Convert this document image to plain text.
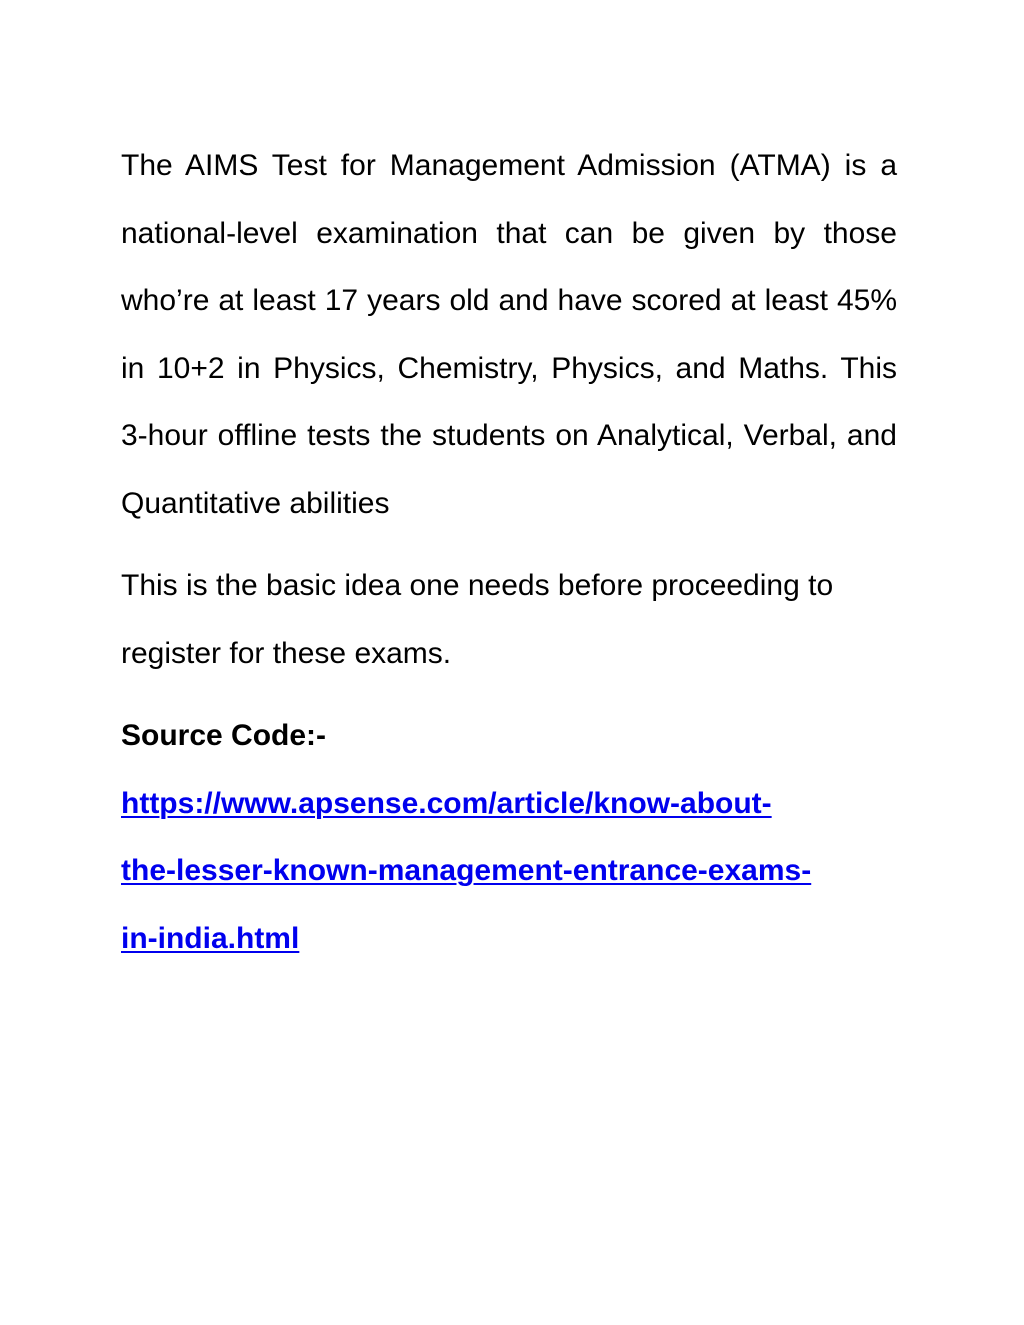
The AIMS Test for Management Admission (ATMA) is a national-level examination that can be given by those who’re at least 17 years old and have scored at least 45% in 10+2 in Physics, Chemistry, Physics, and Maths. This 3-hour offline tests the students on Analytical, Verbal, and Quantitative abilities

This is the basic idea one needs before proceeding to register for these exams.

Source Code:-

https://www.apsense.com/article/know-about-
the-lesser-known-management-entrance-exams-
in-india.html
